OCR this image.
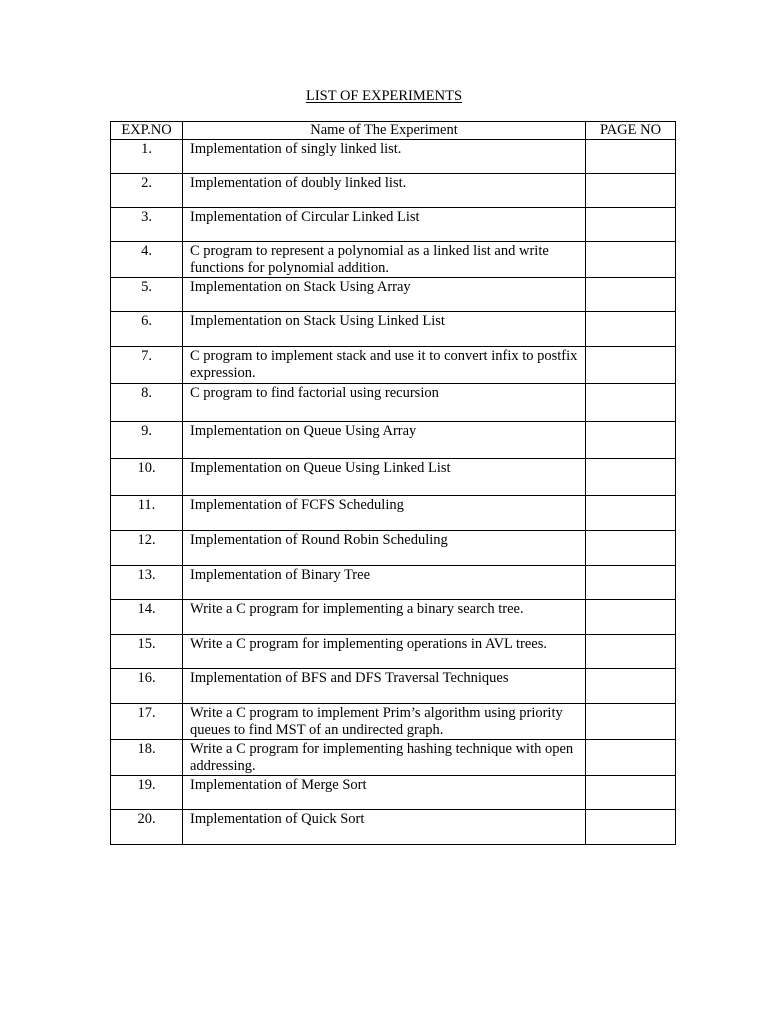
LIST OF EXPERIMENTS
EXP.NO	Name of The Experiment	PAGE NO
1.	Implementation of singly linked list.	
2.	Implementation of doubly linked list.	
3.	Implementation of Circular Linked List	
4.	C program to represent a polynomial as a linked list and write functions for polynomial addition.	
5.	Implementation on Stack Using Array	
6.	Implementation on Stack Using Linked List	
7.	C program to implement stack and use it to convert infix to postfix expression.	
8.	C program to find factorial using recursion	
9.	Implementation on Queue Using Array	
10.	Implementation on Queue Using Linked List	
11.	Implementation of FCFS Scheduling	
12.	Implementation of Round Robin Scheduling	
13.	Implementation of Binary Tree	
14.	Write a C program for implementing a binary search tree.	
15.	Write a C program for implementing operations in AVL trees.	
16.	Implementation of BFS and DFS Traversal Techniques	
17.	Write a C program to implement Prim’s algorithm using priority queues to find MST of an undirected graph.	
18.	Write a C program for implementing hashing technique with open addressing.	
19.	Implementation of Merge Sort	
20.	Implementation of Quick Sort	
